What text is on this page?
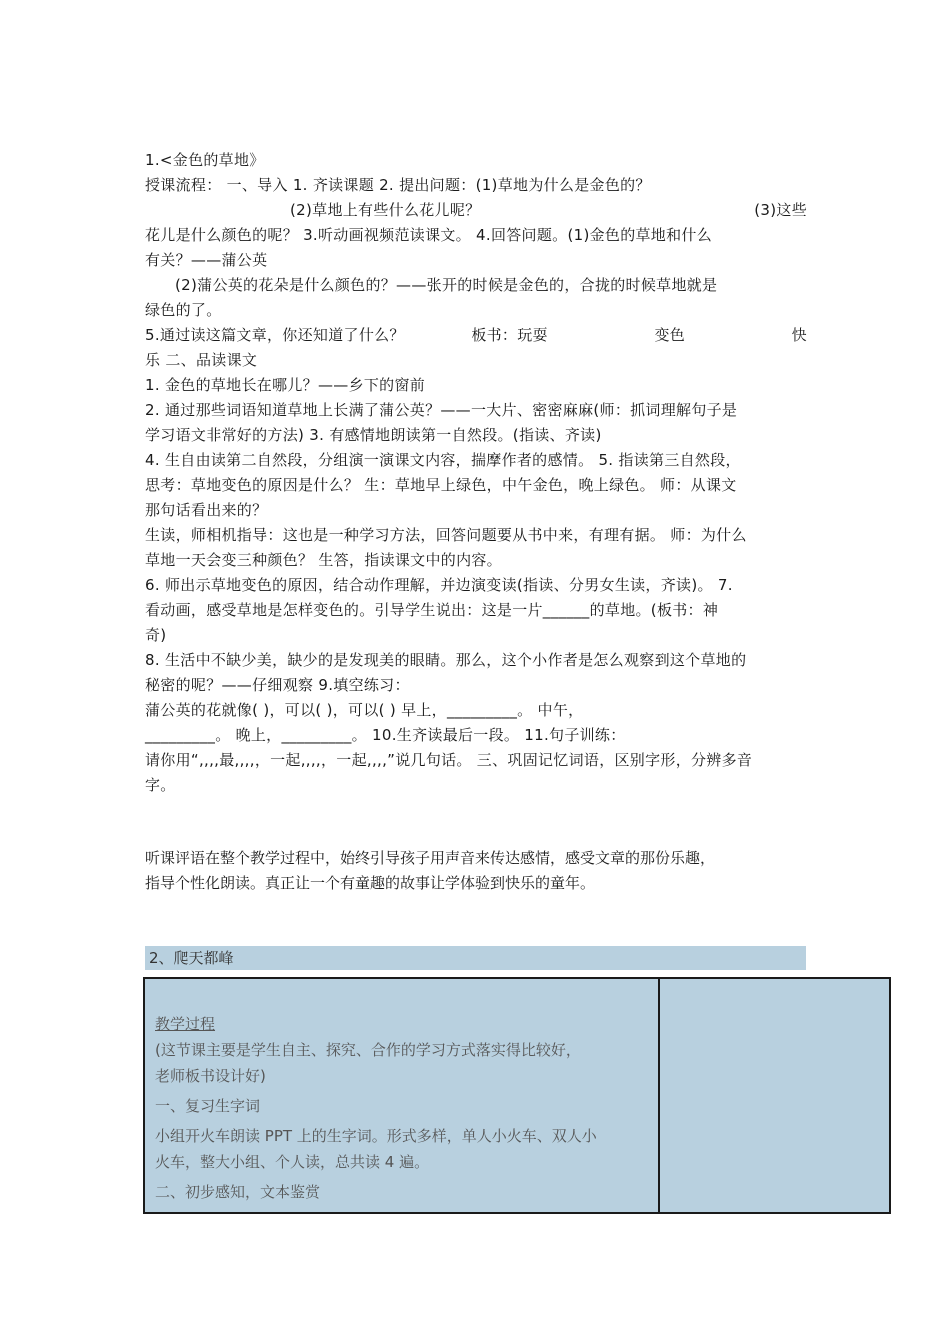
1.<金色的草地》
授课流程： 一、导入 1. 齐读课题 2. 提出问题：(1)草地为什么是金色的？
(2)草地上有些什么花儿呢？	(3)这些
花儿是什么颜色的呢？ 3.听动画视频范读课文。 4.回答问题。(1)金色的草地和什么
有关？——蒲公英
(2)蒲公英的花朵是什么颜色的？——张开的时候是金色的，合拢的时候草地就是
绿色的了。
5.通过读这篇文章，你还知道了什么？	板书：玩耍	变色	快
乐 二、品读课文
1. 金色的草地长在哪儿？——乡下的窗前
2. 通过那些词语知道草地上长满了蒲公英？——一大片、密密麻麻(师：抓词理解句子是
学习语文非常好的方法) 3. 有感情地朗读第一自然段。(指读、齐读)
4. 生自由读第二自然段，分组演一演课文内容，揣摩作者的感情。 5. 指读第三自然段，
思考：草地变色的原因是什么？ 生：草地早上绿色，中午金色，晚上绿色。 师：从课文
那句话看出来的？
生读，师相机指导：这也是一种学习方法，回答问题要从书中来，有理有据。 师：为什么
草地一天会变三种颜色？ 生答，指读课文中的内容。
6. 师出示草地变色的原因，结合动作理解，并边演变读(指读、分男女生读，齐读)。 7.
看动画，感受草地是怎样变色的。引导学生说出：这是一片______的草地。(板书：神
奇)
8. 生活中不缺少美，缺少的是发现美的眼睛。那么，这个小作者是怎么观察到这个草地的
秘密的呢？——仔细观察 9.填空练习：
蒲公英的花就像( )，可以( )，可以( ) 早上，_________。 中午，
_________。 晚上，_________。 10.生齐读最后一段。 11.句子训练：
请你用“,,,,最,,,,，一起,,,,，一起,,,,”说几句话。 三、巩固记忆词语，区别字形，分辨多音
字。
听课评语在整个教学过程中，始终引导孩子用声音来传达感情，感受文章的那份乐趣，
指导个性化朗读。真正让一个有童趣的故事让学体验到快乐的童年。
2、爬天都峰
教学过程
(这节课主要是学生自主、探究、合作的学习方式落实得比较好，
老师板书设计好)
一、复习生字词
小组开火车朗读 PPT 上的生字词。形式多样，单人小火车、双人小
火车，整大小组、个人读，总共读 4 遍。
二、初步感知，文本鉴赏
